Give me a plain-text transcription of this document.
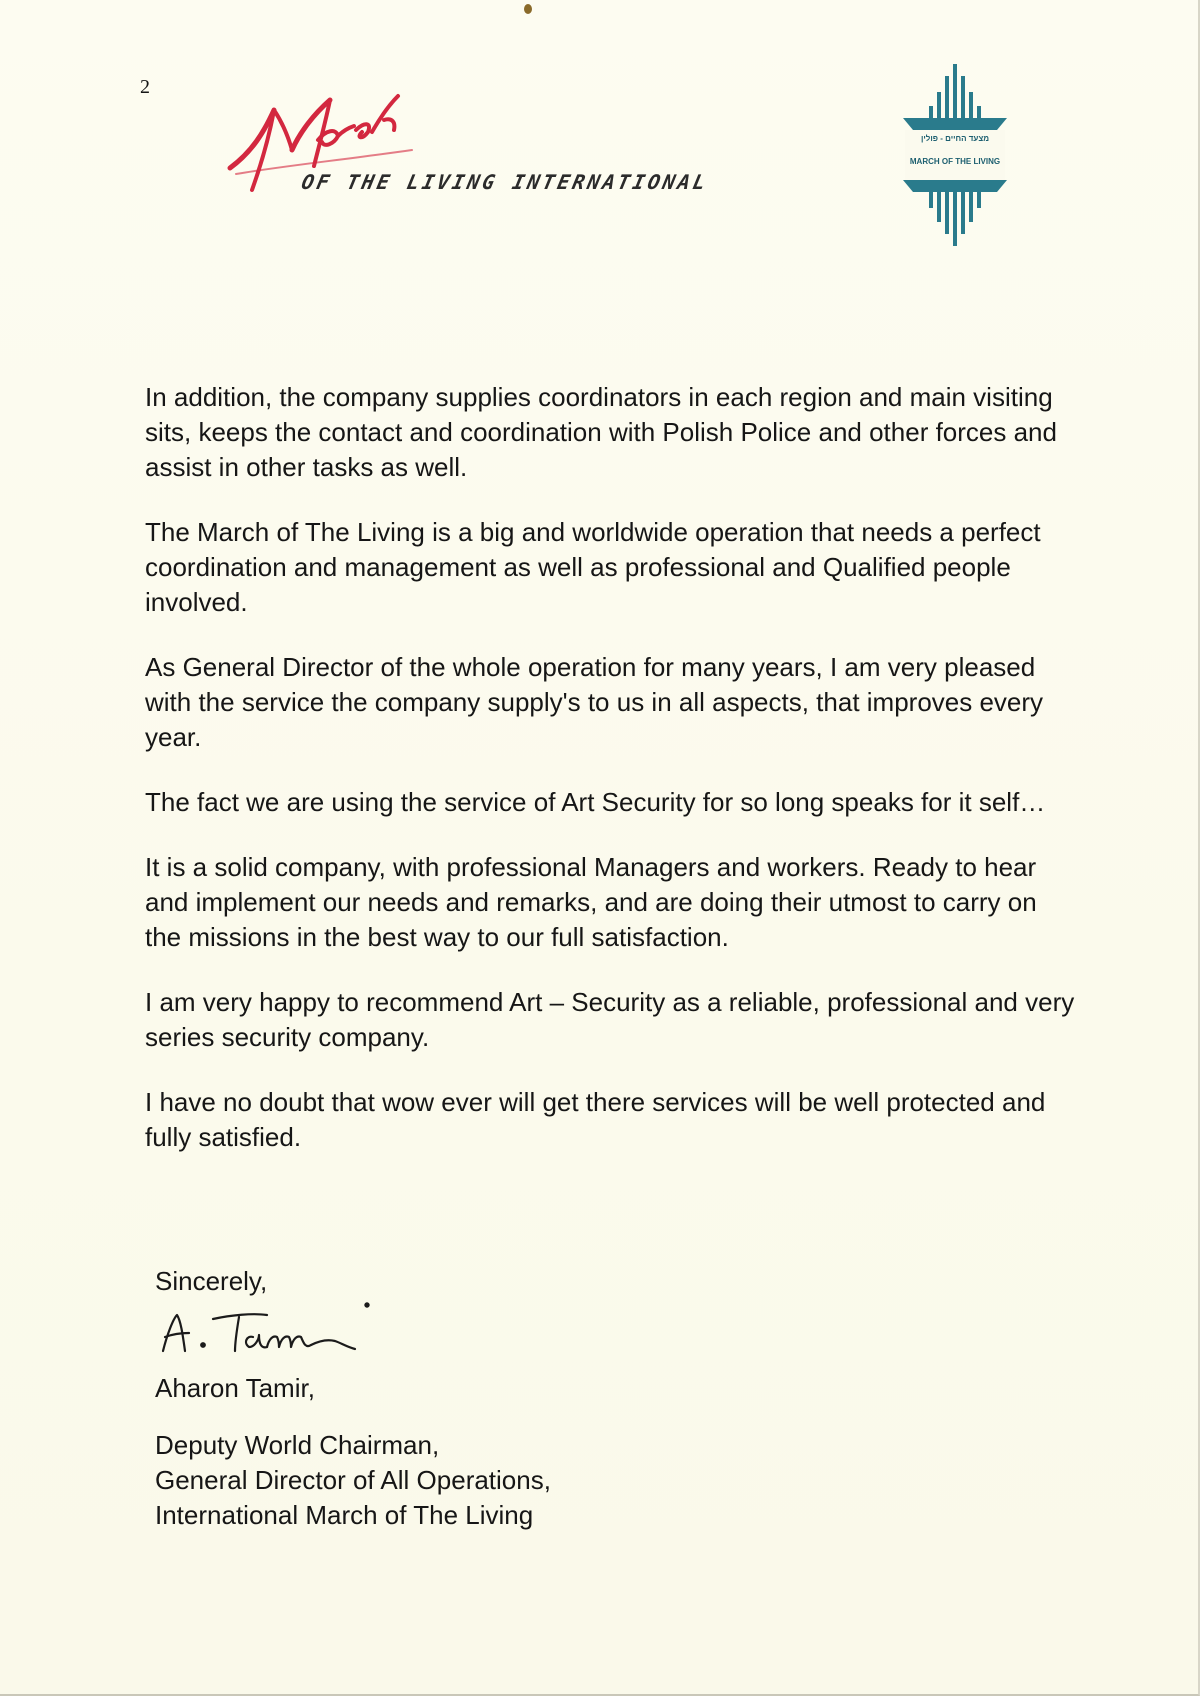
2
OF THE LIVING INTERNATIONAL
מצעד החיים - פולין
MARCH OF THE LIVING

In addition, the company supplies coordinators in each region and main visiting sits, keeps the contact and coordination with Polish Police and other forces and assist in other tasks as well.

The March of The Living is a big and worldwide operation that needs a perfect coordination and management as well as professional and Qualified people involved.

As General Director of the whole operation for many years, I am very pleased with the service the company supply's to us in all aspects, that improves every year.

The fact we are using the service of Art Security for so long speaks for it self…

It is a solid company, with professional Managers and workers. Ready to hear and implement our needs and remarks, and are doing their utmost to carry on the missions in the best way to our full satisfaction.

I am very happy to recommend Art – Security as a reliable, professional and very series security company.

I have no doubt that wow ever will get there services will be well protected and fully satisfied.

Sincerely,

Aharon Tamir,

Deputy World Chairman,
General Director of All Operations,
International March of The Living
